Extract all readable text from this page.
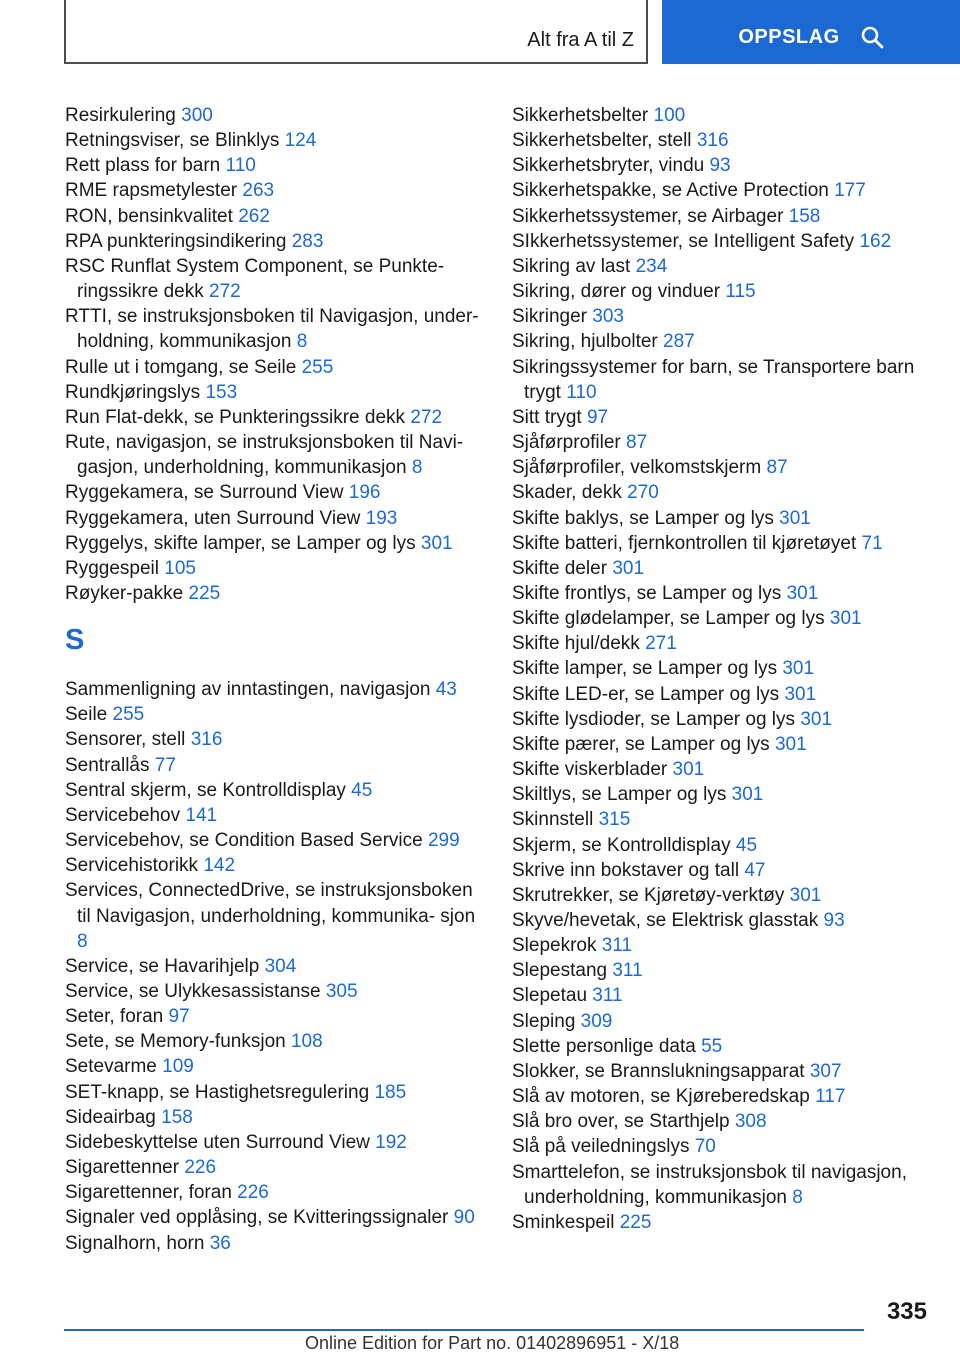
Alt fra A til Z	OPPSLAG
Resirkulering 300
Retningsviser, se Blinklys 124
Rett plass for barn 110
RME rapsmetylester 263
RON, bensinkvalitet 262
RPA punkteringsindikering 283
RSC Runflat System Component, se Punkte‐ ringssikre dekk 272
RTTI, se instruksjonsboken til Navigasjon, under‐ holdning, kommunikasjon 8
Rulle ut i tomgang, se Seile 255
Rundkjøringslys 153
Run Flat-dekk, se Punkteringssikre dekk 272
Rute, navigasjon, se instruksjonsboken til Navi‐ gasjon, underholdning, kommunikasjon 8
Ryggekamera, se Surround View 196
Ryggekamera, uten Surround View 193
Ryggelys, skifte lamper, se Lamper og lys 301
Ryggespeil 105
Røyker-pakke 225
S
Sammenligning av inntastingen, navigasjon 43
Seile 255
Sensorer, stell 316
Sentrallås 77
Sentral skjerm, se Kontrolldisplay 45
Servicebehov 141
Servicebehov, se Condition Based Service 299
Servicehistorikk 142
Services, ConnectedDrive, se instruksjonsboken til Navigasjon, underholdning, kommunika‐ sjon 8
Service, se Havarihjelp 304
Service, se Ulykkesassistanse 305
Seter, foran 97
Sete, se Memory-funksjon 108
Setevarme 109
SET-knapp, se Hastighetsregulering 185
Sideairbag 158
Sidebeskyttelse uten Surround View 192
Sigarettenner 226
Sigarettenner, foran 226
Signaler ved opplåsing, se Kvitteringssignaler 90
Signalhorn, horn 36
Sikkerhetsbelter 100
Sikkerhetsbelter, stell 316
Sikkerhetsbryter, vindu 93
Sikkerhetspakke, se Active Protection 177
Sikkerhetssystemer, se Airbager 158
SIkkerhetssystemer, se Intelligent Safety 162
Sikring av last 234
Sikring, dører og vinduer 115
Sikringer 303
Sikring, hjulbolter 287
Sikringssystemer for barn, se Transportere barn trygt 110
Sitt trygt 97
Sjåførprofiler 87
Sjåførprofiler, velkomstskjerm 87
Skader, dekk 270
Skifte baklys, se Lamper og lys 301
Skifte batteri, fjernkontrollen til kjøretøyet 71
Skifte deler 301
Skifte frontlys, se Lamper og lys 301
Skifte glødelamper, se Lamper og lys 301
Skifte hjul/dekk 271
Skifte lamper, se Lamper og lys 301
Skifte LED-er, se Lamper og lys 301
Skifte lysdioder, se Lamper og lys 301
Skifte pærer, se Lamper og lys 301
Skifte viskerblader 301
Skiltlys, se Lamper og lys 301
Skinnstell 315
Skjerm, se Kontrolldisplay 45
Skrive inn bokstaver og tall 47
Skrutrekker, se Kjøretøy-verktøy 301
Skyve/hevetak, se Elektrisk glasstak 93
Slepekrok 311
Slepestang 311
Slepetau 311
Sleping 309
Slette personlige data 55
Slokker, se Brannslukningsapparat 307
Slå av motoren, se Kjørеberedskap 117
Slå bro over, se Starthjelp 308
Slå på veiledningslys 70
Smarttelefon, se instruksjonsbok til navigasjon, underholdning, kommunikasjon 8
Sminkespeil 225
335
Online Edition for Part no. 01402896951 - X/18
